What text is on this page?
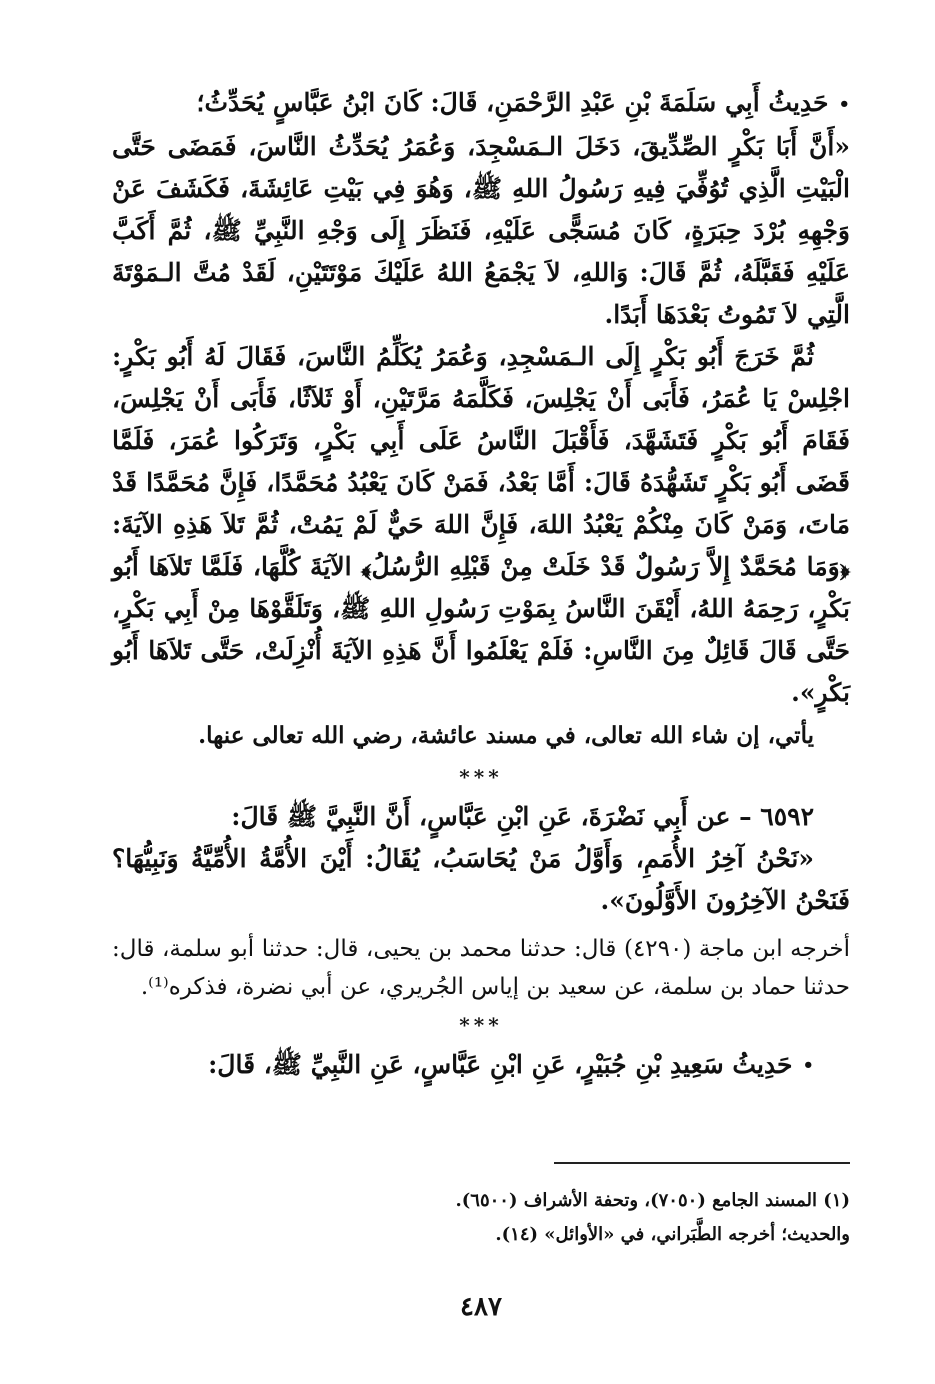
•حَدِيثُ أَبِي سَلَمَةَ بْنِ عَبْدِ الرَّحْمَنِ، قَالَ: كَانَ ابْنُ عَبَّاسٍ يُحَدِّثُ؛

«أَنَّ أَبَا بَكْرٍ الصِّدِّيقَ، دَخَلَ الـمَسْجِدَ، وَعُمَرُ يُحَدِّثُ النَّاسَ، فَمَضَى حَتَّى الْبَيْتِ الَّذِي تُوُفِّيَ فِيهِ رَسُولُ اللهِ ﷺ، وَهُوَ فِي بَيْتِ عَائِشَةَ، فَكَشَفَ عَنْ وَجْهِهِ بُرْدَ حِبَرَةٍ، كَانَ مُسَجًّى عَلَيْهِ، فَنَظَرَ إِلَى وَجْهِ النَّبِيِّ ﷺ، ثُمَّ أَكَبَّ عَلَيْهِ فَقَبَّلَهُ، ثُمَّ قَالَ: وَاللهِ، لاَ يَجْمَعُ اللهُ عَلَيْكَ مَوْتَتَيْنِ، لَقَدْ مُتَّ الـمَوْتَةَ الَّتِي لاَ تَمُوتُ بَعْدَهَا أَبَدًا.

ثُمَّ خَرَجَ أَبُو بَكْرٍ إِلَى الـمَسْجِدِ، وَعُمَرُ يُكَلِّمُ النَّاسَ، فَقَالَ لَهُ أَبُو بَكْرٍ: اجْلِسْ يَا عُمَرُ، فَأَبَى أَنْ يَجْلِسَ، فَكَلَّمَهُ مَرَّتَيْنِ، أَوْ ثَلاَثًا، فَأَبَى أَنْ يَجْلِسَ، فَقَامَ أَبُو بَكْرٍ فَتَشَهَّدَ، فَأَقْبَلَ النَّاسُ عَلَى أَبِي بَكْرٍ، وَتَرَكُوا عُمَرَ، فَلَمَّا قَضَى أَبُو بَكْرٍ تَشَهُّدَهُ قَالَ: أَمَّا بَعْدُ، فَمَنْ كَانَ يَعْبُدُ مُحَمَّدًا، فَإِنَّ مُحَمَّدًا قَدْ مَاتَ، وَمَنْ كَانَ مِنْكُمْ يَعْبُدُ اللهَ، فَإِنَّ اللهَ حَيٌّ لَمْ يَمُتْ، ثُمَّ تَلاَ هَذِهِ الآيَةَ: ﴿وَمَا مُحَمَّدٌ إِلاَّ رَسُولٌ قَدْ خَلَتْ مِنْ قَبْلِهِ الرُّسُلُ﴾ الآيَةَ كُلَّهَا، فَلَمَّا تَلاَهَا أَبُو بَكْرٍ، رَحِمَهُ اللهُ، أَيْقَنَ النَّاسُ بِمَوْتِ رَسُولِ اللهِ ﷺ، وَتَلَقَّوْهَا مِنْ أَبِي بَكْرٍ، حَتَّى قَالَ قَائِلٌ مِنَ النَّاسِ: فَلَمْ يَعْلَمُوا أَنَّ هَذِهِ الآيَةَ أُنْزِلَتْ، حَتَّى تَلاَهَا أَبُو بَكْرٍ».

يأتي، إن شاء الله تعالى، في مسند عائشة، رضي الله تعالى عنها.

***

٦٥٩٢ – عن أَبِي نَضْرَةَ، عَنِ ابْنِ عَبَّاسٍ، أَنَّ النَّبِيَّ ﷺ قَالَ:

«نَحْنُ آخِرُ الأُمَمِ، وَأَوَّلُ مَنْ يُحَاسَبُ، يُقَالُ: أَيْنَ الأُمَّةُ الأُمِّيَّةُ وَنَبِيُّهَا؟ فَنَحْنُ الآخِرُونَ الأَوَّلُونَ».

أخرجه ابن ماجة (٤٢٩٠) قال: حدثنا محمد بن يحيى، قال: حدثنا أبو سلمة، قال: حدثنا حماد بن سلمة، عن سعيد بن إياس الجُريري، عن أبي نضرة، فذكره⁽¹⁾.

***

•حَدِيثُ سَعِيدِ بْنِ جُبَيْرٍ، عَنِ ابْنِ عَبَّاسٍ، عَنِ النَّبِيِّ ﷺ، قَالَ:

(١) المسند الجامع (٧٠٥٠)، وتحفة الأشراف (٦٥٠٠).
والحديث؛ أخرجه الطَّبَراني، في «الأوائل» (١٤).
٤٨٧
